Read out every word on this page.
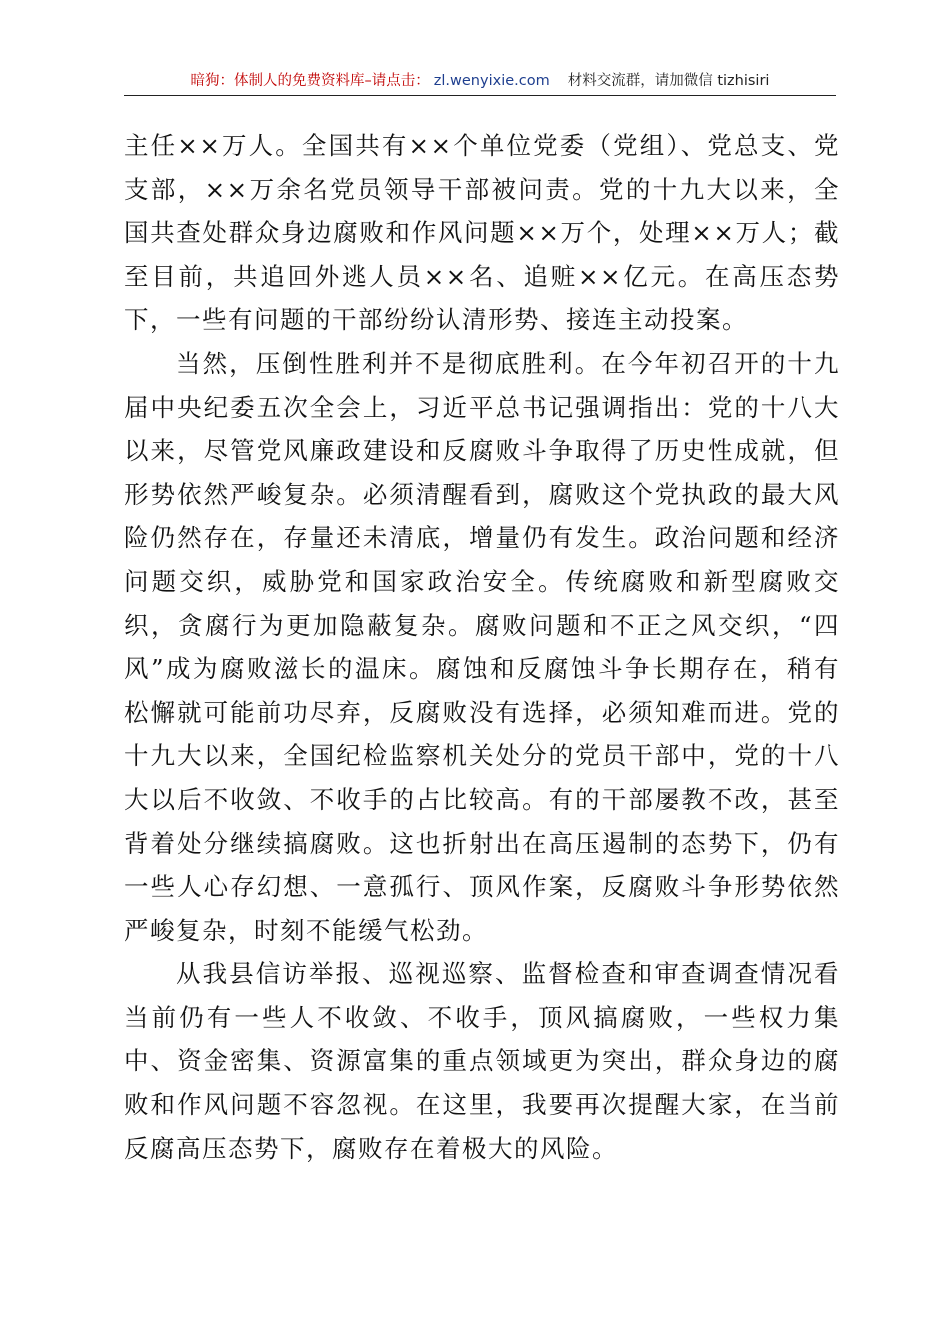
暗狗：体制人的免费资料库 –请点击： zl.wenyixie.com 材料交流群，请加微信 tizhisiri

主任××万人。全国共有××个单位党委（党组）、党总支、党支部，××万余名党员领导干部被问责。党的十九大以来，全国共查处群众身边腐败和作风问题××万个，处理××万人；截至目前，共追回外逃人员××名、追赃××亿元。在高压态势下，一些有问题的干部纷纷认清形势、接连主动投案。

当然，压倒性胜利并不是彻底胜利。在今年初召开的十九届中央纪委五次全会上，习近平总书记强调指出：党的十八大以来，尽管党风廉政建设和反腐败斗争取得了历史性成就，但形势依然严峻复杂。必须清醒看到，腐败这个党执政的最大风险仍然存在，存量还未清底，增量仍有发生。政治问题和经济问题交织，威胁党和国家政治安全。传统腐败和新型腐败交织，贪腐行为更加隐蔽复杂。腐败问题和不正之风交织，“四风”成为腐败滋长的温床。腐蚀和反腐蚀斗争长期存在，稍有松懈就可能前功尽弃，反腐败没有选择，必须知难而进。党的十九大以来，全国纪检监察机关处分的党员干部中，党的十八大以后不收敛、不收手的占比较高。有的干部屡教不改，甚至背着处分继续搞腐败。这也折射出在高压遏制的态势下，仍有一些人心存幻想、一意孤行、顶风作案，反腐败斗争形势依然严峻复杂，时刻不能缓气松劲。

从我县信访举报、巡视巡察、监督检查和审查调查情况看当前仍有一些人不收敛、不收手，顶风搞腐败，一些权力集中、资金密集、资源富集的重点领域更为突出，群众身边的腐败和作风问题不容忽视。在这里，我要再次提醒大家，在当前反腐高压态势下，腐败存在着极大的风险。
